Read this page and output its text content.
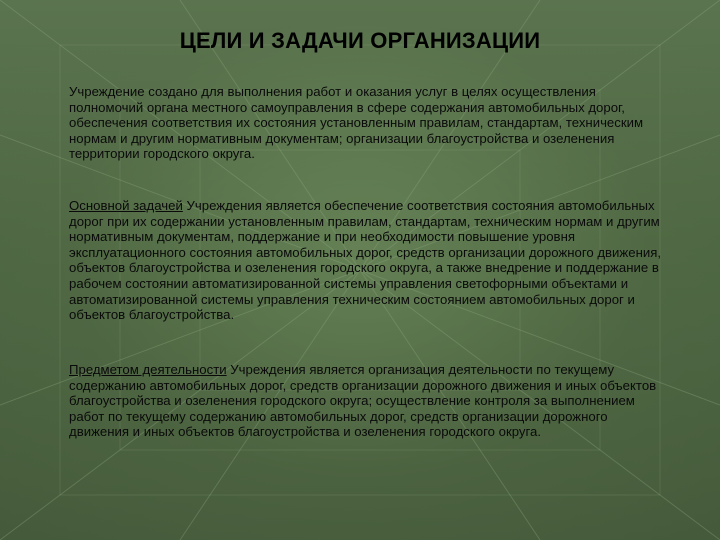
ЦЕЛИ И ЗАДАЧИ ОРГАНИЗАЦИИ

Учреждение создано для выполнения работ и оказания услуг в целях осуществления полномочий органа местного самоуправления в сфере содержания автомобильных дорог, обеспечения соответствия их состояния установленным правилам, стандартам, техническим нормам и другим нормативным документам; организации благоустройства и озеленения территории городского округа.

Основной задачей Учреждения является обеспечение соответствия состояния автомобильных дорог при их содержании установленным правилам, стандартам, техническим нормам и другим нормативным документам, поддержание и при необходимости повышение уровня эксплуатационного состояния автомобильных дорог, средств организации дорожного движения, объектов благоустройства и озеленения городского округа, а также внедрение и поддержание в рабочем состоянии автоматизированной системы управления светофорными объектами и автоматизированной системы управления техническим состоянием автомобильных дорог и объектов благоустройства.

Предметом деятельности Учреждения является организация деятельности по текущему содержанию автомобильных дорог, средств организации дорожного движения и иных объектов благоустройства и озеленения городского округа; осуществление контроля за выполнением работ по текущему содержанию автомобильных дорог, средств организации дорожного движения и иных объектов благоустройства и озеленения городского округа.
